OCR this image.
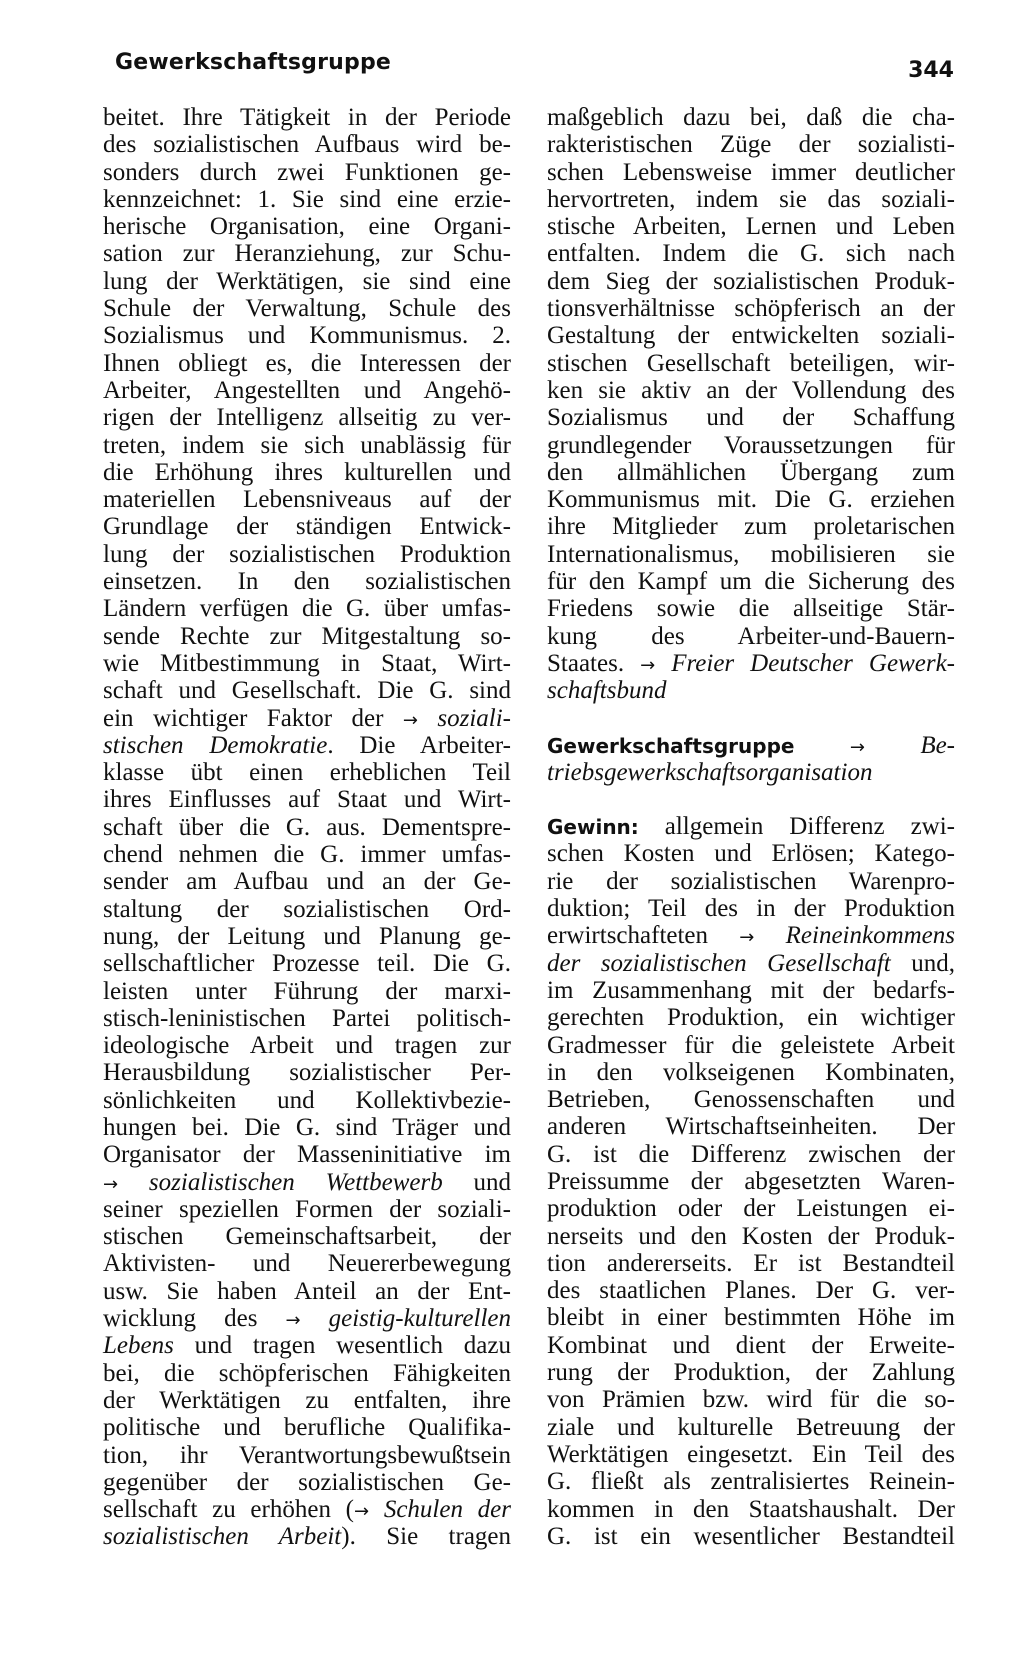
Gewerkschaftsgruppe	344
beitet. Ihre Tätigkeit in der Periode
des sozialistischen Aufbaus wird be-
sonders durch zwei Funktionen ge-
kennzeichnet: 1. Sie sind eine erzie-
herische Organisation, eine Organi-
sation zur Heranziehung, zur Schu-
lung der Werktätigen, sie sind eine
Schule der Verwaltung, Schule des
Sozialismus und Kommunismus. 2.
Ihnen obliegt es, die Interessen der
Arbeiter, Angestellten und Angehö-
rigen der Intelligenz allseitig zu ver-
treten, indem sie sich unablässig für
die Erhöhung ihres kulturellen und
materiellen Lebensniveaus auf der
Grundlage der ständigen Entwick-
lung der sozialistischen Produktion
einsetzen. In den sozialistischen
Ländern verfügen die G. über umfas-
sende Rechte zur Mitgestaltung so-
wie Mitbestimmung in Staat, Wirt-
schaft und Gesellschaft. Die G. sind
ein wichtiger Faktor der → soziali-
stischen Demokratie. Die Arbeiter-
klasse übt einen erheblichen Teil
ihres Einflusses auf Staat und Wirt-
schaft über die G. aus. Dementspre-
chend nehmen die G. immer umfas-
sender am Aufbau und an der Ge-
staltung der sozialistischen Ord-
nung, der Leitung und Planung ge-
sellschaftlicher Prozesse teil. Die G.
leisten unter Führung der marxi-
stisch-leninistischen Partei politisch-
ideologische Arbeit und tragen zur
Herausbildung sozialistischer Per-
sönlichkeiten und Kollektivbezie-
hungen bei. Die G. sind Träger und
Organisator der Masseninitiative im
→ sozialistischen Wettbewerb und
seiner speziellen Formen der soziali-
stischen Gemeinschaftsarbeit, der
Aktivisten- und Neuererbewegung
usw. Sie haben Anteil an der Ent-
wicklung des → geistig-kulturellen
Lebens und tragen wesentlich dazu
bei, die schöpferischen Fähigkeiten
der Werktätigen zu entfalten, ihre
politische und berufliche Qualifika-
tion, ihr Verantwortungsbewußtsein
gegenüber der sozialistischen Ge-
sellschaft zu erhöhen (→ Schulen der
sozialistischen Arbeit). Sie tragen
maßgeblich dazu bei, daß die cha-
rakteristischen Züge der sozialisti-
schen Lebensweise immer deutlicher
hervortreten, indem sie das soziali-
stische Arbeiten, Lernen und Leben
entfalten. Indem die G. sich nach
dem Sieg der sozialistischen Produk-
tionsverhältnisse schöpferisch an der
Gestaltung der entwickelten soziali-
stischen Gesellschaft beteiligen, wir-
ken sie aktiv an der Vollendung des
Sozialismus und der Schaffung
grundlegender Voraussetzungen für
den allmählichen Übergang zum
Kommunismus mit. Die G. erziehen
ihre Mitglieder zum proletarischen
Internationalismus, mobilisieren sie
für den Kampf um die Sicherung des
Friedens sowie die allseitige Stär-
kung des Arbeiter-und-Bauern-
Staates. → Freier Deutscher Gewerk-
schaftsbund
Gewerkschaftsgruppe	→ Be-
triebsgewerkschaftsorganisation
Gewinn: allgemein Differenz zwi-
schen Kosten und Erlösen; Katego-
rie der sozialistischen Warenpro-
duktion; Teil des in der Produktion
erwirtschafteten → Reineinkommens
der sozialistischen Gesellschaft und,
im Zusammenhang mit der bedarfs-
gerechten Produktion, ein wichtiger
Gradmesser für die geleistete Arbeit
in den volkseigenen Kombinaten,
Betrieben, Genossenschaften und
anderen Wirtschaftseinheiten. Der
G. ist die Differenz zwischen der
Preissumme der abgesetzten Waren-
produktion oder der Leistungen ei-
nerseits und den Kosten der Produk-
tion andererseits. Er ist Bestandteil
des staatlichen Planes. Der G. ver-
bleibt in einer bestimmten Höhe im
Kombinat und dient der Erweite-
rung der Produktion, der Zahlung
von Prämien bzw. wird für die so-
ziale und kulturelle Betreuung der
Werktätigen eingesetzt. Ein Teil des
G. fließt als zentralisiertes Reinein-
kommen in den Staatshaushalt. Der
G. ist ein wesentlicher Bestandteil
